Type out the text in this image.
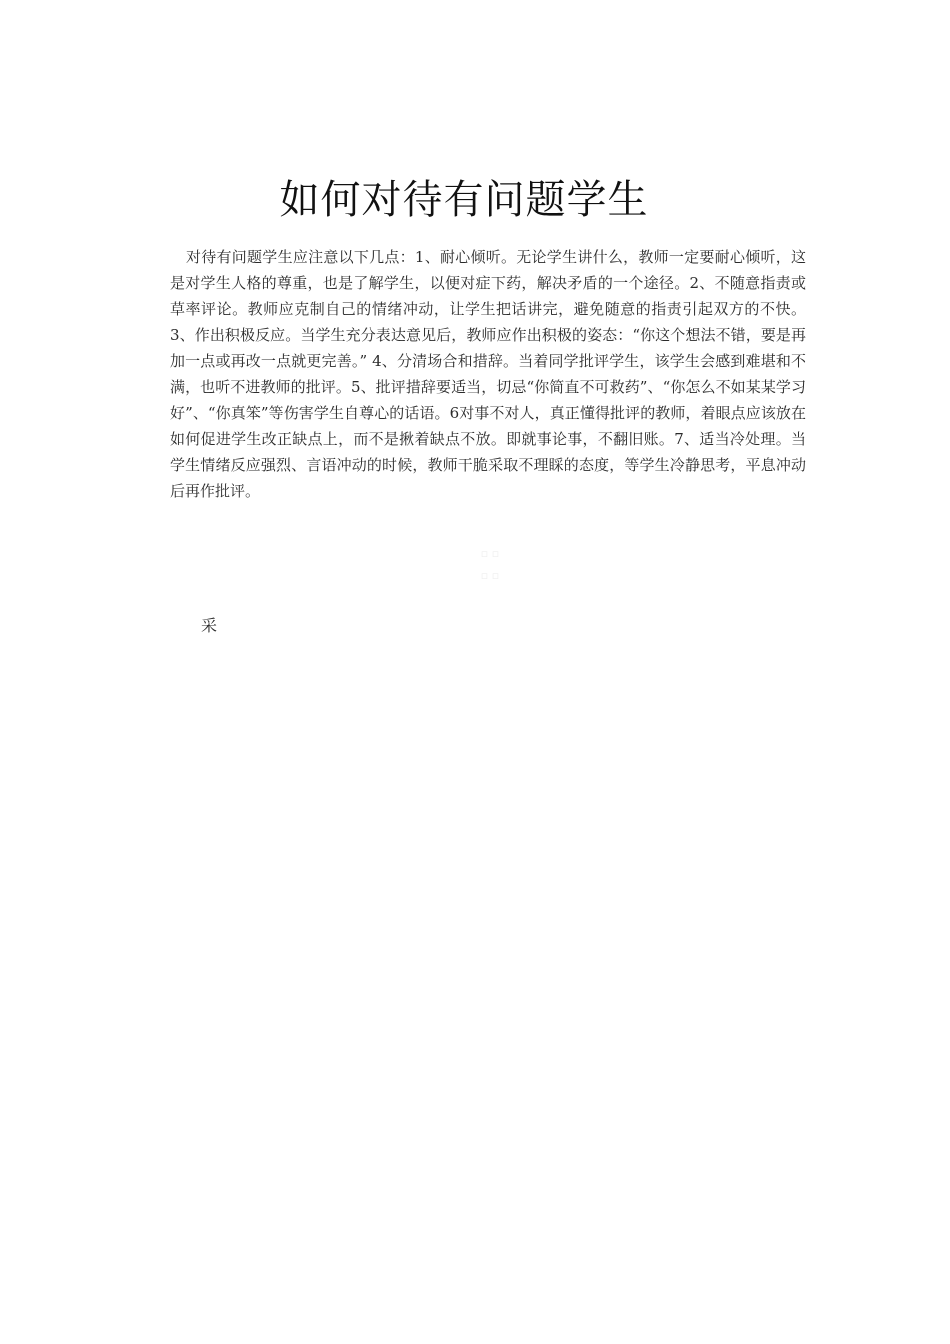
如何对待有问题学生

对待有问题学生应注意以下几点：1、耐心倾听。无论学生讲什么，教师一定要耐心倾听，这是对学生人格的尊重，也是了解学生，以便对症下药，解决矛盾的一个途径。2、不随意指责或草率评论。教师应克制自己的情绪冲动，让学生把话讲完，避免随意的指责引起双方的不快。 3、作出积极反应。当学生充分表达意见后，教师应作出积极的姿态：“你这个想法不错，要是再加一点或再改一点就更完善。” 4、分清场合和措辞。当着同学批评学生，该学生会感到难堪和不满，也听不进教师的批评。5、批评措辞要适当，切忌“你简直不可救药”、“你怎么不如某某学习好”、“你真笨”等伤害学生自尊心的话语。6对事不对人，真正懂得批评的教师，着眼点应该放在如何促进学生改正缺点上，而不是揪着缺点不放。即就事论事，不翻旧账。7、适当冷处理。当学生情绪反应强烈、言语冲动的时候，教师干脆采取不理睬的态度，等学生冷静思考，平息冲动后再作批评。

▫ ▫
▫ ▫
采
